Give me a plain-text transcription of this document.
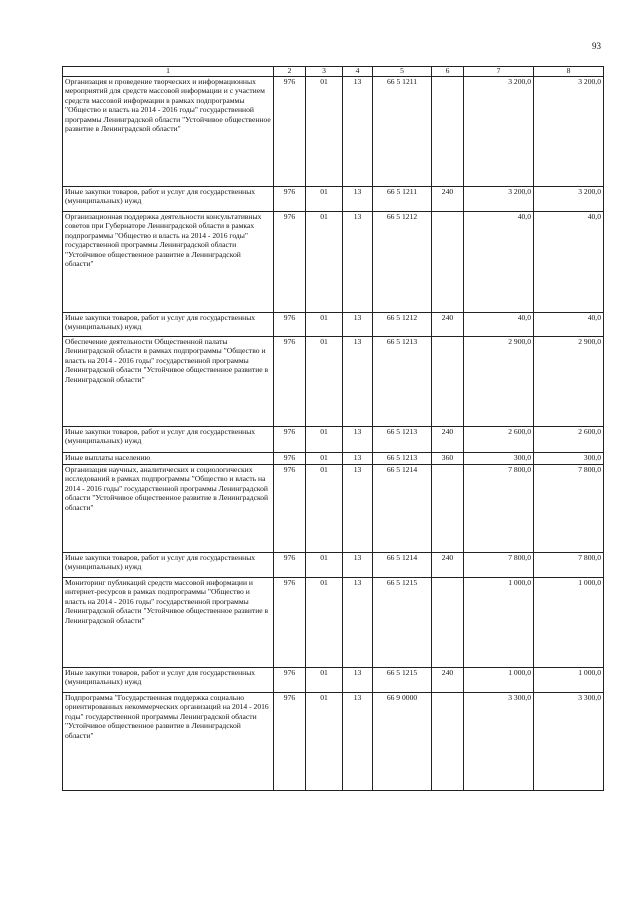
93
1	2	3	4	5	6	7	8
Организация и проведение творческих и информационных мероприятий для средств массовой информации и с участием средств массовой информации в рамках подпрограммы "Общество и власть на 2014 - 2016 годы" государственной программы Ленинградской области "Устойчивое общественное развитие в Ленинградской области"	976	01	13	66 5 1211		3 200,0	3 200,0
Иные закупки товаров, работ и услуг для государственных (муниципальных) нужд	976	01	13	66 5 1211	240	3 200,0	3 200,0
Организационная поддержка деятельности консультативных советов при Губернаторе Ленинградской области в рамках подпрограммы "Общество и власть на 2014 - 2016 годы" государственной программы Ленинградской области "Устойчивое общественное развитие в Ленинградской области"	976	01	13	66 5 1212		40,0	40,0
Иные закупки товаров, работ и услуг для государственных (муниципальных) нужд	976	01	13	66 5 1212	240	40,0	40,0
Обеспечение деятельности Общественной палаты Ленинградской области в рамках подпрограммы "Общество и власть на 2014 - 2016 годы" государственной программы Ленинградской области "Устойчивое общественное развитие в Ленинградской области"	976	01	13	66 5 1213		2 900,0	2 900,0
Иные закупки товаров, работ и услуг для государственных (муниципальных) нужд	976	01	13	66 5 1213	240	2 600,0	2 600,0
Иные выплаты населению	976	01	13	66 5 1213	360	300,0	300,0
Организация научных, аналитических и социологических исследований в рамках подпрограммы "Общество и власть на 2014 - 2016 годы" государственной программы Ленинградской области "Устойчивое общественное развитие в Ленинградской области"	976	01	13	66 5 1214		7 800,0	7 800,0
Иные закупки товаров, работ и услуг для государственных (муниципальных) нужд	976	01	13	66 5 1214	240	7 800,0	7 800,0
Мониторинг публикаций средств массовой информации и интернет-ресурсов в рамках подпрограммы "Общество и власть на 2014 - 2016 годы" государственной программы Ленинградской области "Устойчивое общественное развитие в Ленинградской области"	976	01	13	66 5 1215		1 000,0	1 000,0
Иные закупки товаров, работ и услуг для государственных (муниципальных) нужд	976	01	13	66 5 1215	240	1 000,0	1 000,0
Подпрограмма "Государственная поддержка социально ориентированных некоммерческих организаций на 2014 - 2016 годы" государственной программы Ленинградской области "Устойчивое общественное развитие в Ленинградской области"	976	01	13	66 9 0000		3 300,0	3 300,0
